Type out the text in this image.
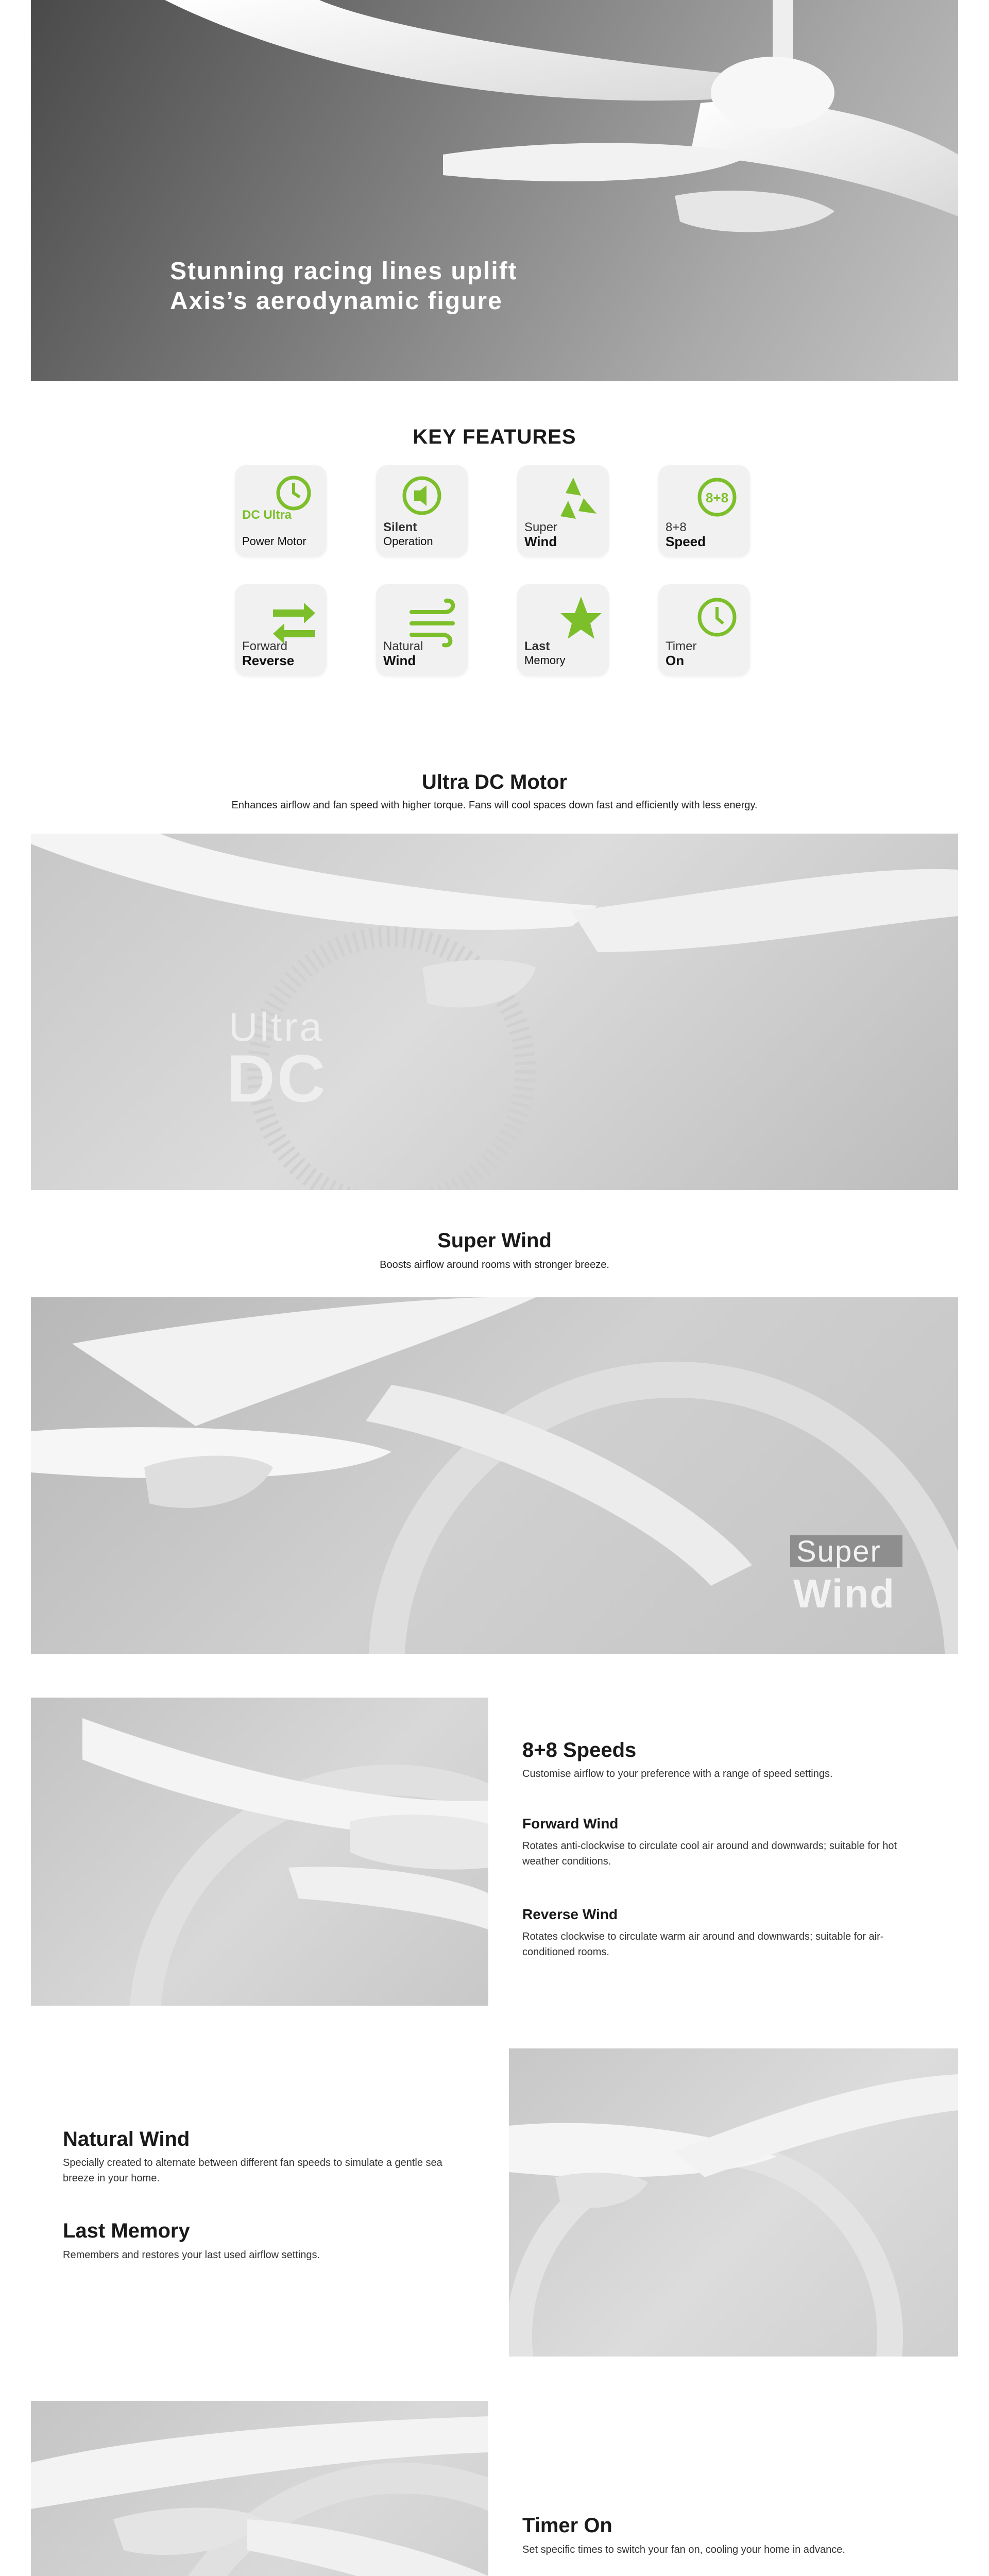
Stunning racing lines uplift
Axis’s aerodynamic figure
KEY FEATURES
DC Ultra
Power Motor
Silent
Operation
Super
Wind
8+8
8+8
Speed
Forward
Reverse
Natural
Wind
Last
Memory
Timer
On
Ultra DC Motor
Enhances airflow and fan speed with higher torque. Fans will cool spaces down fast and efficiently with less energy.
Ultra
DC
Super Wind
Boosts airflow around rooms with stronger breeze.
Super
Wind
8+8 Speeds
Customise airflow to your preference with a range of speed settings.
Forward Wind
Rotates anti-clockwise to circulate cool air around and downwards; suitable for hot weather conditions.
Reverse Wind
Rotates clockwise to circulate warm air around and downwards; suitable for air-conditioned rooms.
Natural Wind
Specially created to alternate between different fan speeds to simulate a gentle sea breeze in your home.
Last Memory
Remembers and restores your last used airflow settings.
Timer On
Set specific times to switch your fan on, cooling your home in advance.
